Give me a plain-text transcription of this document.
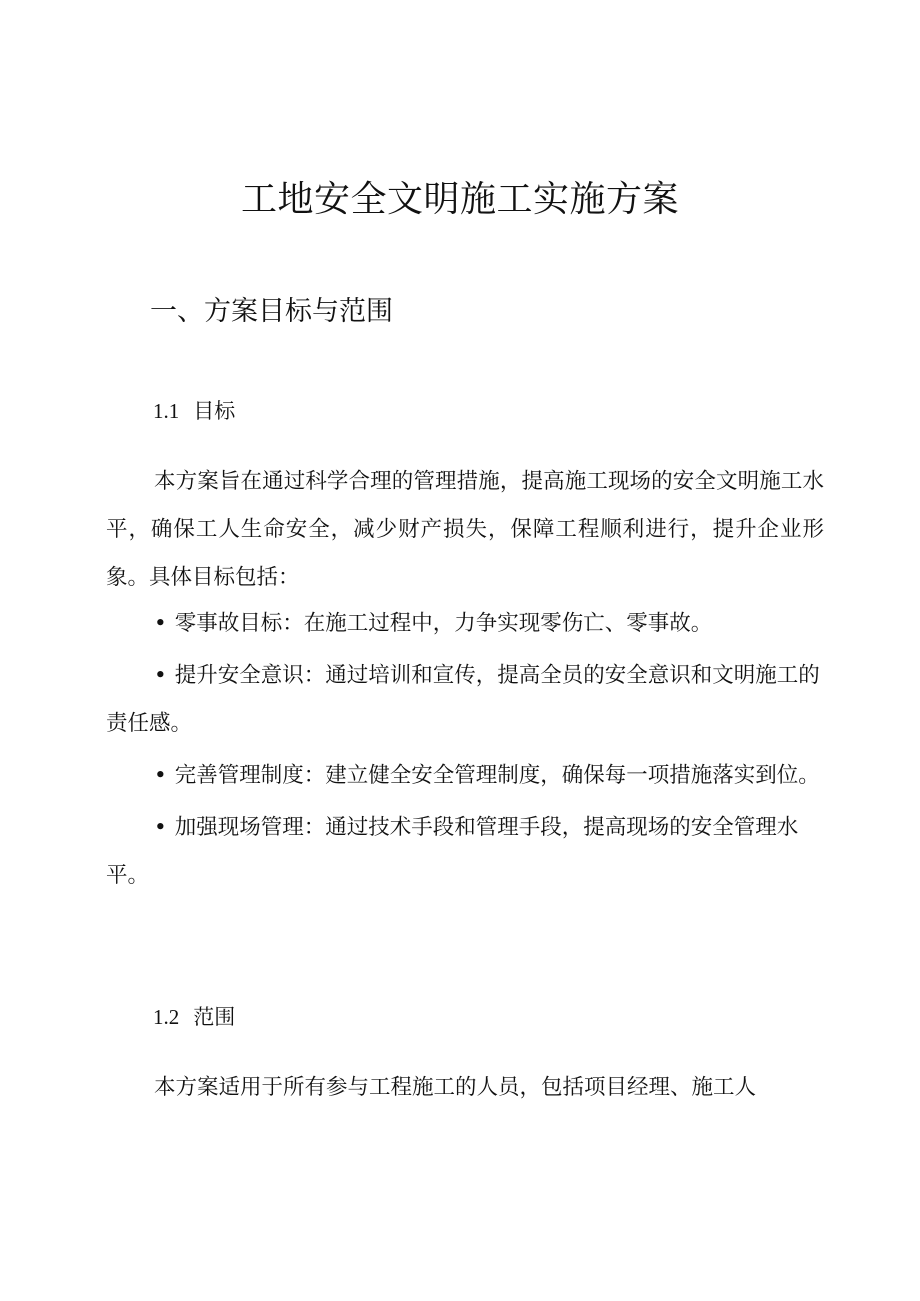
工地安全文明施工实施方案
一、方案目标与范围
1.1 目标

本方案旨在通过科学合理的管理措施，提高施工现场的安全文明施工水平，确保工人生命安全，减少财产损失，保障工程顺利进行，提升企业形象。具体目标包括：

• 零事故目标：在施工过程中，力争实现零伤亡、零事故。
• 提升安全意识：通过培训和宣传，提高全员的安全意识和文明施工的责任感。
• 完善管理制度：建立健全安全管理制度，确保每一项措施落实到位。
• 加强现场管理：通过技术手段和管理手段，提高现场的安全管理水平。
1.2 范围

本方案适用于所有参与工程施工的人员，包括项目经理、施工人
